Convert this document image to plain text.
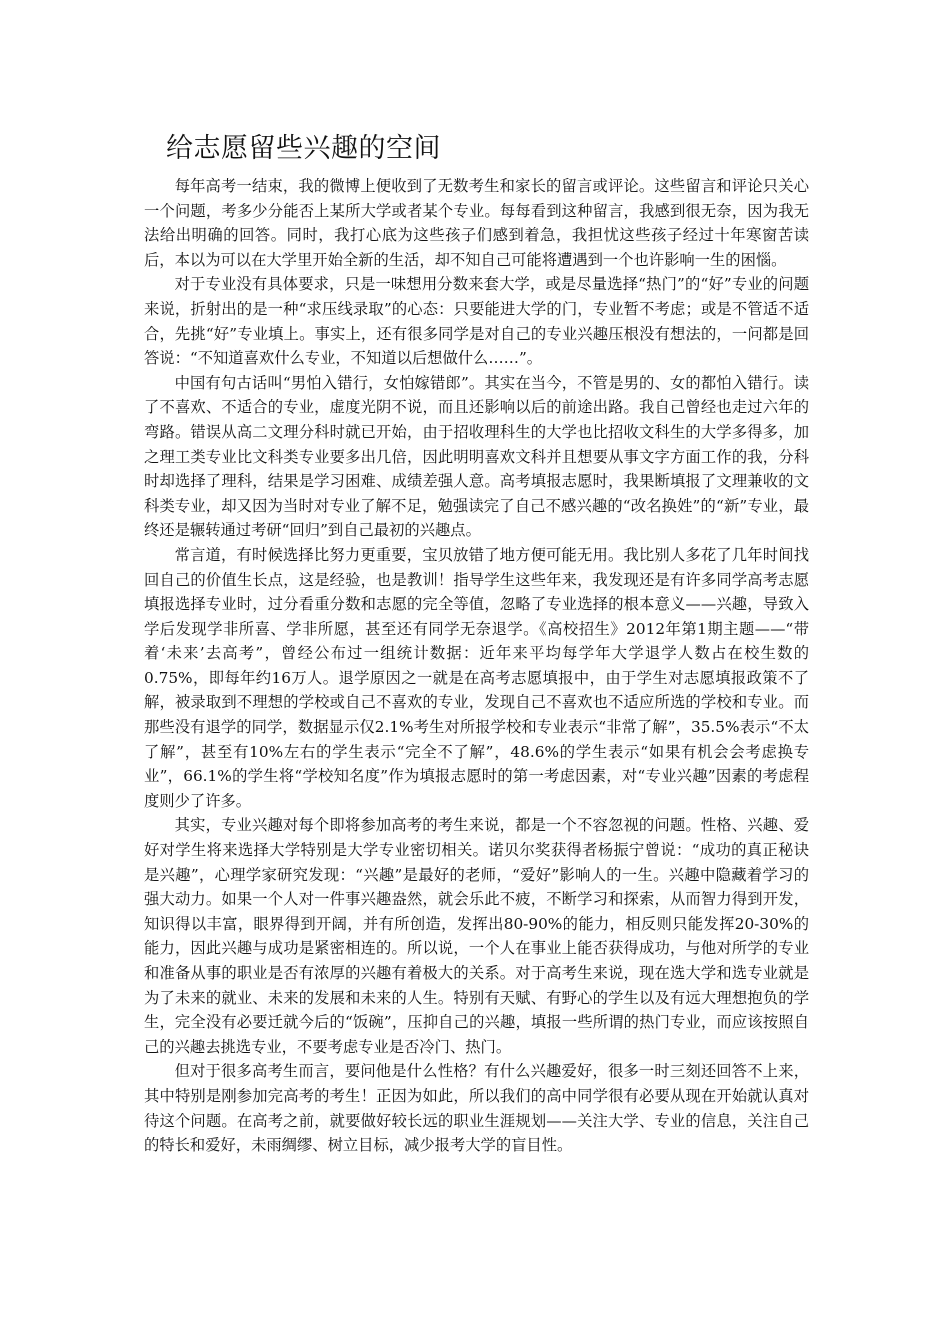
给志愿留些兴趣的空间

每年高考一结束，我的微博上便收到了无数考生和家长的留言或评论。这些留言和评论只关心一个问题，考多少分能否上某所大学或者某个专业。每每看到这种留言，我感到很无奈，因为我无法给出明确的回答。同时，我打心底为这些孩子们感到着急，我担忧这些孩子经过十年寒窗苦读后，本以为可以在大学里开始全新的生活，却不知自己可能将遭遇到一个也许影响一生的困惱。

对于专业没有具体要求，只是一味想用分数来套大学，或是尽量选择“热门”的“好”专业的问题来说，折射出的是一种“求压线录取”的心态：只要能进大学的门，专业暂不考虑；或是不管适不适合，先挑“好”专业填上。事实上，还有很多同学是对自己的专业兴趣压根没有想法的，一问都是回答说：“不知道喜欢什么专业，不知道以后想做什么……”。

中国有句古话叫“男怕入错行，女怕嫁错郎”。其实在当今，不管是男的、女的都怕入错行。读了不喜欢、不适合的专业，虚度光阴不说，而且还影响以后的前途出路。我自己曾经也走过六年的弯路。错误从高二文理分科时就已开始，由于招收理科生的大学也比招收文科生的大学多得多，加之理工类专业比文科类专业要多出几倍，因此明明喜欢文科并且想要从事文字方面工作的我，分科时却选择了理科，结果是学习困难、成绩差强人意。高考填报志愿时，我果断填报了文理兼收的文科类专业，却又因为当时对专业了解不足，勉强读完了自己不感兴趣的“改名换姓”的“新”专业，最终还是辗转通过考研“回归”到自己最初的兴趣点。

常言道，有时候选择比努力更重要，宝贝放错了地方便可能无用。我比别人多花了几年时间找回自己的价值生长点，这是经验，也是教训！指导学生这些年来，我发现还是有许多同学高考志愿填报选择专业时，过分看重分数和志愿的完全等值，忽略了专业选择的根本意义——兴趣，导致入学后发现学非所喜、学非所愿，甚至还有同学无奈退学。《高校招生》2012年第1期主题——“带着‘未来’去高考”，曾经公布过一组统计数据：近年来平均每学年大学退学人数占在校生数的0.75%，即每年约16万人。退学原因之一就是在高考志愿填报中，由于学生对志愿填报政策不了解，被录取到不理想的学校或自己不喜欢的专业，发现自己不喜欢也不适应所选的学校和专业。而那些没有退学的同学，数据显示仅2.1%考生对所报学校和专业表示“非常了解”，35.5%表示“不太了解”，甚至有10%左右的学生表示“完全不了解”，48.6%的学生表示“如果有机会会考虑换专业”，66.1%的学生将“学校知名度”作为填报志愿时的第一考虑因素，对“专业兴趣”因素的考虑程度则少了许多。

其实，专业兴趣对每个即将参加高考的考生来说，都是一个不容忽视的问题。性格、兴趣、爱好对学生将来选择大学特别是大学专业密切相关。诺贝尔奖获得者杨振宁曾说：“成功的真正秘诀是兴趣”，心理学家研究发现：“兴趣”是最好的老师，“爱好”影响人的一生。兴趣中隐藏着学习的强大动力。如果一个人对一件事兴趣盎然，就会乐此不疲，不断学习和探索，从而智力得到开发，知识得以丰富，眼界得到开阔，并有所创造，发挥出80-90%的能力，相反则只能发挥20-30%的能力，因此兴趣与成功是紧密相连的。所以说，一个人在事业上能否获得成功，与他对所学的专业和准备从事的职业是否有浓厚的兴趣有着极大的关系。对于高考生来说，现在选大学和选专业就是为了未来的就业、未来的发展和未来的人生。特别有天赋、有野心的学生以及有远大理想抱负的学生，完全没有必要迁就今后的“饭碗”，压抑自己的兴趣，填报一些所谓的热门专业，而应该按照自己的兴趣去挑选专业，不要考虑专业是否冷门、热门。

但对于很多高考生而言，要问他是什么性格？有什么兴趣爱好，很多一时三刻还回答不上来，其中特别是刚参加完高考的考生！正因为如此，所以我们的高中同学很有必要从现在开始就认真对待这个问题。在高考之前，就要做好较长远的职业生涯规划——关注大学、专业的信息，关注自己的特长和爱好，未雨绸缪、树立目标，减少报考大学的盲目性。
